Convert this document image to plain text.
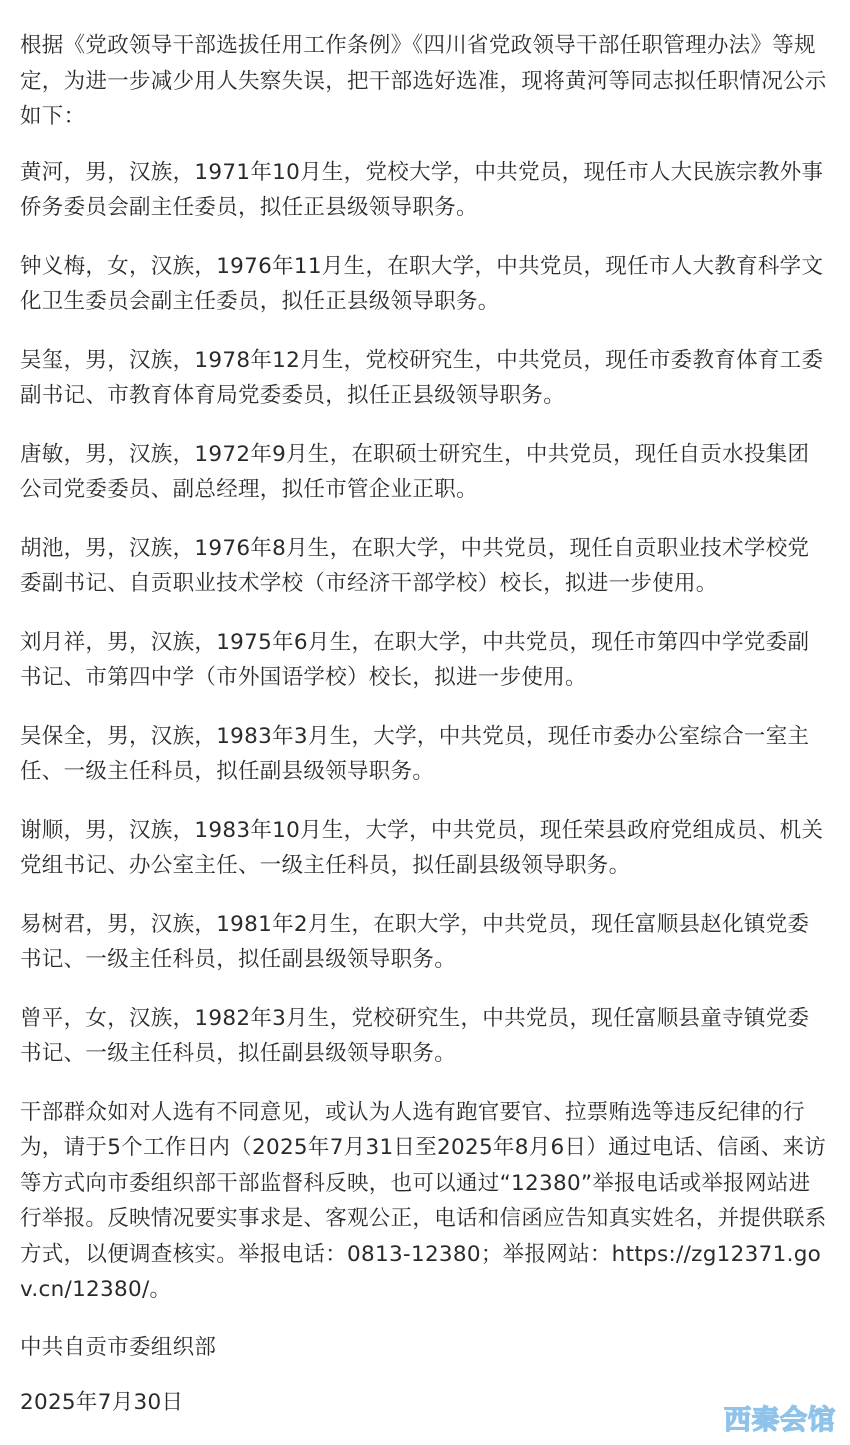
根据《党政领导干部选拔任用工作条例》《四川省党政领导干部任职管理办法》等规定，为进一步减少用人失察失误，把干部选好选准，现将黄河等同志拟任职情况公示如下：

黄河，男，汉族，1971年10月生，党校大学，中共党员，现任市人大民族宗教外事侨务委员会副主任委员，拟任正县级领导职务。

钟义梅，女，汉族，1976年11月生，在职大学，中共党员，现任市人大教育科学文化卫生委员会副主任委员，拟任正县级领导职务。

吴玺，男，汉族，1978年12月生，党校研究生，中共党员，现任市委教育体育工委副书记、市教育体育局党委委员，拟任正县级领导职务。

唐敏，男，汉族，1972年9月生，在职硕士研究生，中共党员，现任自贡水投集团公司党委委员、副总经理，拟任市管企业正职。

胡池，男，汉族，1976年8月生，在职大学，中共党员，现任自贡职业技术学校党委副书记、自贡职业技术学校（市经济干部学校）校长，拟进一步使用。

刘月祥，男，汉族，1975年6月生，在职大学，中共党员，现任市第四中学党委副书记、市第四中学（市外国语学校）校长，拟进一步使用。

吴保全，男，汉族，1983年3月生，大学，中共党员，现任市委办公室综合一室主任、一级主任科员，拟任副县级领导职务。

谢顺，男，汉族，1983年10月生，大学，中共党员，现任荣县政府党组成员、机关党组书记、办公室主任、一级主任科员，拟任副县级领导职务。

易树君，男，汉族，1981年2月生，在职大学，中共党员，现任富顺县赵化镇党委书记、一级主任科员，拟任副县级领导职务。

曾平，女，汉族，1982年3月生，党校研究生，中共党员，现任富顺县童寺镇党委书记、一级主任科员，拟任副县级领导职务。

干部群众如对人选有不同意见，或认为人选有跑官要官、拉票贿选等违反纪律的行为，请于5个工作日内（2025年7月31日至2025年8月6日）通过电话、信函、来访等方式向市委组织部干部监督科反映，也可以通过“12380”举报电话或举报网站进行举报。反映情况要实事求是、客观公正，电话和信函应告知真实姓名，并提供联系方式，以便调查核实。举报电话：0813-12380；举报网站：https://zg12371.gov.cn/12380/。

中共自贡市委组织部

2025年7月30日

西秦会馆
